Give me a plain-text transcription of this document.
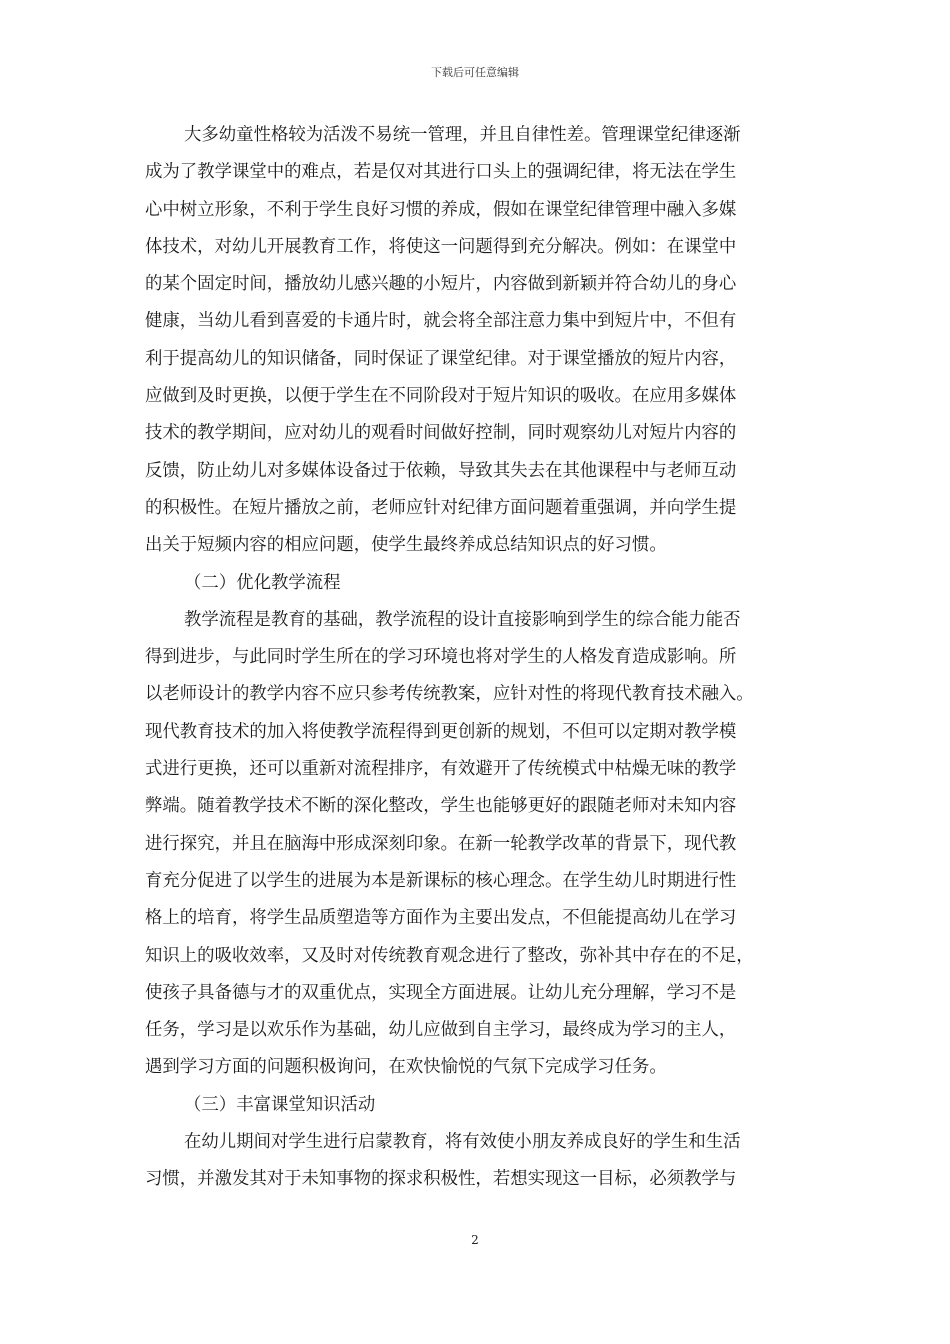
下载后可任意编辑
大多幼童性格较为活泼不易统一管理，并且自律性差。管理课堂纪律逐渐
成为了教学课堂中的难点，若是仅对其进行口头上的强调纪律，将无法在学生
心中树立形象，不利于学生良好习惯的养成，假如在课堂纪律管理中融入多媒
体技术，对幼儿开展教育工作，将使这一问题得到充分解决。例如：在课堂中
的某个固定时间，播放幼儿感兴趣的小短片，内容做到新颖并符合幼儿的身心
健康，当幼儿看到喜爱的卡通片时，就会将全部注意力集中到短片中，不但有
利于提高幼儿的知识储备，同时保证了课堂纪律。对于课堂播放的短片内容，
应做到及时更换，以便于学生在不同阶段对于短片知识的吸收。在应用多媒体
技术的教学期间，应对幼儿的观看时间做好控制，同时观察幼儿对短片内容的
反馈，防止幼儿对多媒体设备过于依赖，导致其失去在其他课程中与老师互动
的积极性。在短片播放之前，老师应针对纪律方面问题着重强调，并向学生提
出关于短频内容的相应问题，使学生最终养成总结知识点的好习惯。
（二）优化教学流程
教学流程是教育的基础，教学流程的设计直接影响到学生的综合能力能否
得到进步，与此同时学生所在的学习环境也将对学生的人格发育造成影响。所
以老师设计的教学内容不应只参考传统教案，应针对性的将现代教育技术融入。
现代教育技术的加入将使教学流程得到更创新的规划，不但可以定期对教学模
式进行更换，还可以重新对流程排序，有效避开了传统模式中枯燥无味的教学
弊端。随着教学技术不断的深化整改，学生也能够更好的跟随老师对未知内容
进行探究，并且在脑海中形成深刻印象。在新一轮教学改革的背景下，现代教
育充分促进了以学生的进展为本是新课标的核心理念。在学生幼儿时期进行性
格上的培育，将学生品质塑造等方面作为主要出发点，不但能提高幼儿在学习
知识上的吸收效率，又及时对传统教育观念进行了整改，弥补其中存在的不足，
使孩子具备德与才的双重优点，实现全方面进展。让幼儿充分理解，学习不是
任务，学习是以欢乐作为基础，幼儿应做到自主学习，最终成为学习的主人，
遇到学习方面的问题积极询问，在欢快愉悦的气氛下完成学习任务。
（三）丰富课堂知识活动
在幼儿期间对学生进行启蒙教育，将有效使小朋友养成良好的学生和生活
习惯，并激发其对于未知事物的探求积极性，若想实现这一目标，必须教学与
2
